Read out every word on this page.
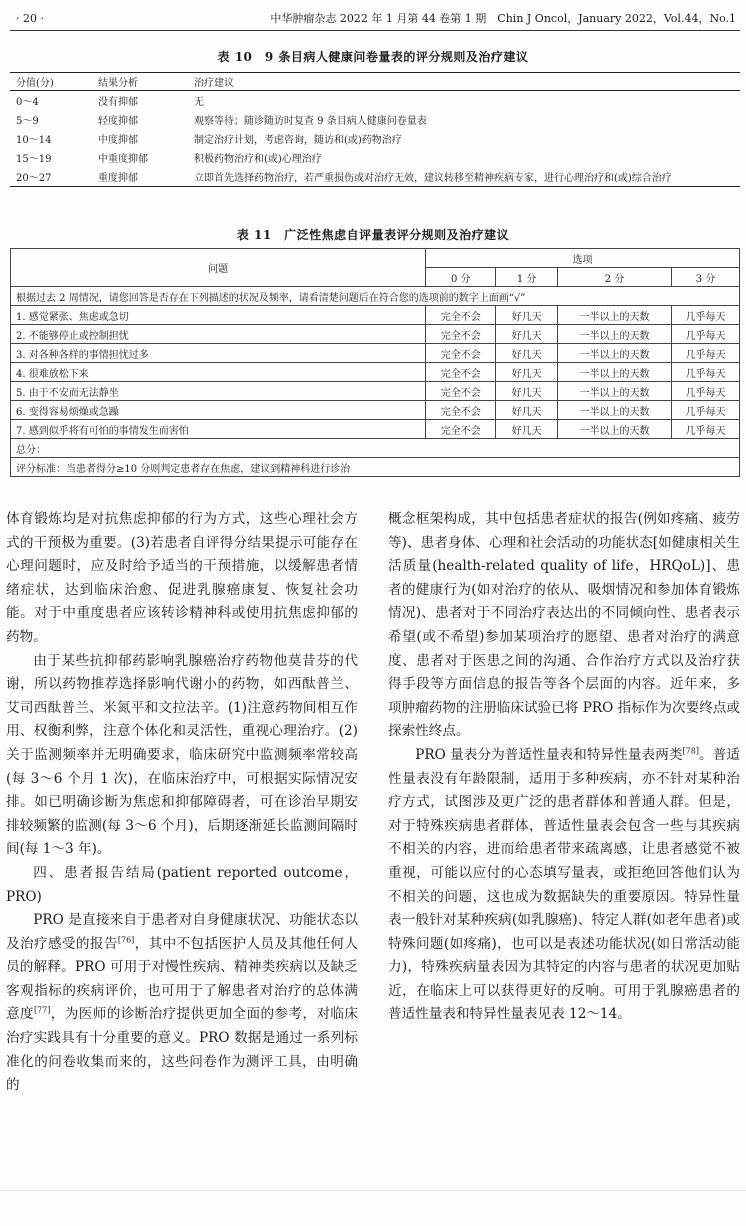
· 20 ·	中华肿瘤杂志 2022 年 1 月第 44 卷第 1 期　Chin J Oncol，January 2022，Vol.44，No.1
表 10　9 条目病人健康问卷量表的评分规则及治疗建议
分值(分)	结果分析	治疗建议
0～4	没有抑郁	无
5～9	轻度抑郁	观察等待；随诊随访时复查 9 条目病人健康问卷量表
10～14	中度抑郁	制定治疗计划，考虑咨询，随访和(或)药物治疗
15～19	中重度抑郁	积极药物治疗和(或)心理治疗
20～27	重度抑郁	立即首先选择药物治疗，若严重损伤或对治疗无效，建议转移至精神疾病专家，进行心理治疗和(或)综合治疗
表 11　广泛性焦虑自评量表评分规则及治疗建议
问题	选项			
	0 分	1 分	2 分	3 分
根据过去 2 周情况，请您回答是否存在下列描述的状况及频率，请看清楚问题后在符合您的选项前的数字上面画“√”				
1. 感觉紧张、焦虑或急切	完全不会	好几天	一半以上的天数	几乎每天
2. 不能够停止或控制担忧	完全不会	好几天	一半以上的天数	几乎每天
3. 对各种各样的事情担忧过多	完全不会	好几天	一半以上的天数	几乎每天
4. 很难放松下来	完全不会	好几天	一半以上的天数	几乎每天
5. 由于不安而无法静坐	完全不会	好几天	一半以上的天数	几乎每天
6. 变得容易烦燥或急躁	完全不会	好几天	一半以上的天数	几乎每天
7. 感到似乎将有可怕的事情发生而害怕	完全不会	好几天	一半以上的天数	几乎每天
总分：				
评分标准：当患者得分≥10 分则判定患者存在焦虑，建议到精神科进行诊治				

体育锻炼均是对抗焦虑抑郁的行为方式，这些心理社会方式的干预极为重要。(3)若患者自评得分结果提示可能存在心理问题时，应及时给予适当的干预措施，以缓解患者情绪症状，达到临床治愈、促进乳腺癌康复、恢复社会功能。对于中重度患者应该转诊精神科或使用抗焦虑抑郁的药物。

由于某些抗抑郁药影响乳腺癌治疗药物他莫昔芬的代谢，所以药物推荐选择影响代谢小的药物，如西酞普兰、艾司西酞普兰、米氮平和文拉法辛。(1)注意药物间相互作用、权衡利弊，注意个体化和灵活性，重视心理治疗。(2)关于监测频率并无明确要求，临床研究中监测频率常较高(每 3～6 个月 1 次)，在临床治疗中，可根据实际情况安排。如已明确诊断为焦虑和抑郁障碍者，可在诊治早期安排较频繁的监测(每 3～6 个月)，后期逐渐延长监测间隔时间(每 1～3 年)。

四、患者报告结局(patient reported outcome，PRO)

PRO 是直接来自于患者对自身健康状况、功能状态以及治疗感受的报告[76]，其中不包括医护人员及其他任何人员的解释。PRO 可用于对慢性疾病、精神类疾病以及缺乏客观指标的疾病评价，也可用于了解患者对治疗的总体满意度[77]，为医师的诊断治疗提供更加全面的参考，对临床治疗实践具有十分重要的意义。PRO 数据是通过一系列标准化的问卷收集而来的，这些问卷作为测评工具，由明确的

概念框架构成，其中包括患者症状的报告(例如疼痛、疲劳等)、患者身体、心理和社会活动的功能状态[如健康相关生活质量(health-related quality of life，HRQoL)]、患者的健康行为(如对治疗的依从、吸烟情况和参加体育锻炼情况)、患者对于不同治疗表达出的不同倾向性、患者表示希望(或不希望)参加某项治疗的愿望、患者对治疗的满意度、患者对于医患之间的沟通、合作治疗方式以及治疗获得手段等方面信息的报告等各个层面的内容。近年来，多项肿瘤药物的注册临床试验已将 PRO 指标作为次要终点或探索性终点。

PRO 量表分为普适性量表和特异性量表两类[78]。普适性量表没有年龄限制，适用于多种疾病，亦不针对某种治疗方式，试图涉及更广泛的患者群体和普通人群。但是，对于特殊疾病患者群体，普适性量表会包含一些与其疾病不相关的内容，进而给患者带来疏离感，让患者感觉不被重视，可能以应付的心态填写量表，或拒绝回答他们认为不相关的问题，这也成为数据缺失的重要原因。特异性量表一般针对某种疾病(如乳腺癌)、特定人群(如老年患者)或特殊问题(如疼痛)，也可以是表述功能状况(如日常活动能力)，特殊疾病量表因为其特定的内容与患者的状况更加贴近，在临床上可以获得更好的反响。可用于乳腺癌患者的普适性量表和特异性量表见表 12～14。
